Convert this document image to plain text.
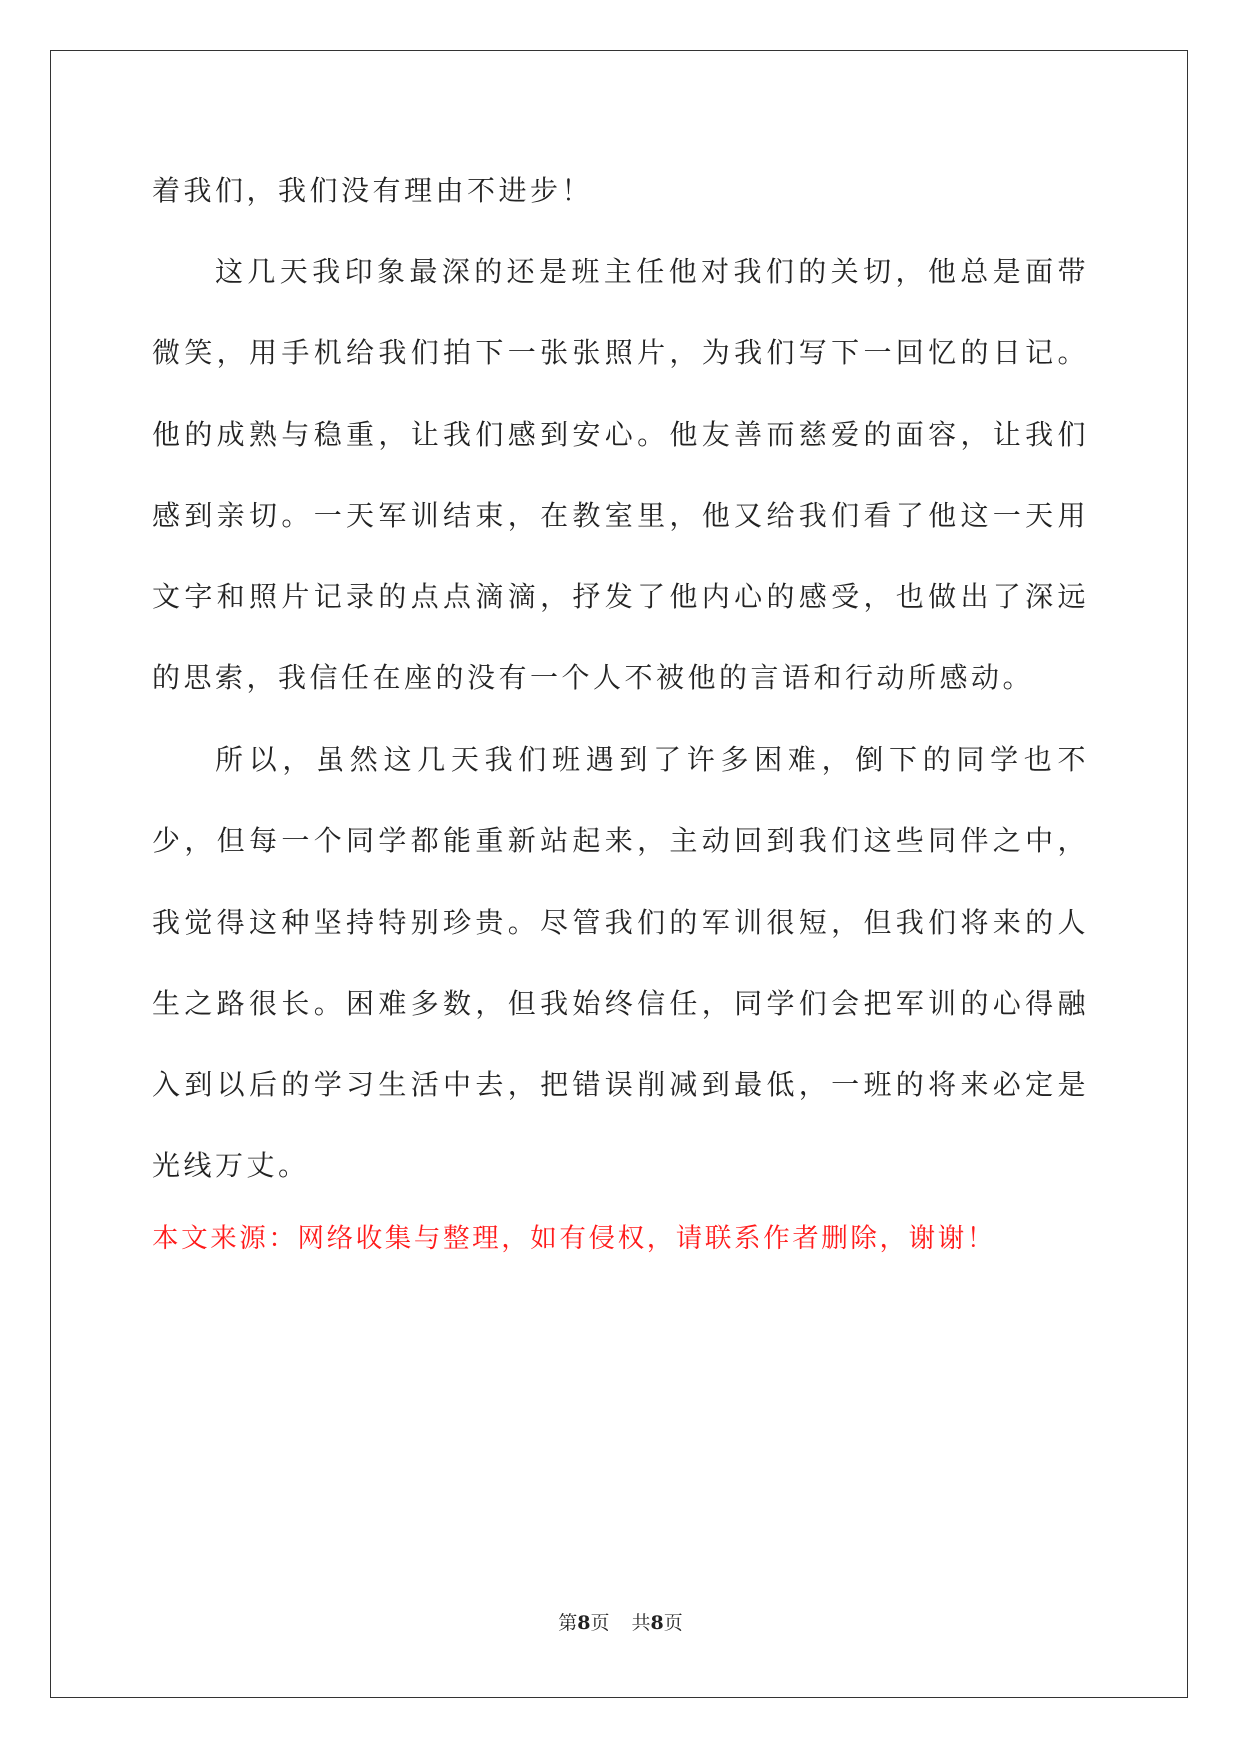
着我们，我们没有理由不进步！

这几天我印象最深的还是班主任他对我们的关切，他总是面带微笑，用手机给我们拍下一张张照片，为我们写下一回忆的日记。他的成熟与稳重，让我们感到安心。他友善而慈爱的面容，让我们感到亲切。一天军训结束，在教室里，他又给我们看了他这一天用文字和照片记录的点点滴滴，抒发了他内心的感受，也做出了深远的思索，我信任在座的没有一个人不被他的言语和行动所感动。

所以，虽然这几天我们班遇到了许多困难，倒下的同学也不少，但每一个同学都能重新站起来，主动回到我们这些同伴之中，我觉得这种坚持特别珍贵。尽管我们的军训很短，但我们将来的人生之路很长。困难多数，但我始终信任，同学们会把军训的心得融入到以后的学习生活中去，把错误削减到最低，一班的将来必定是光线万丈。

本文来源：网络收集与整理，如有侵权，请联系作者删除，谢谢！

第8页 共8页
